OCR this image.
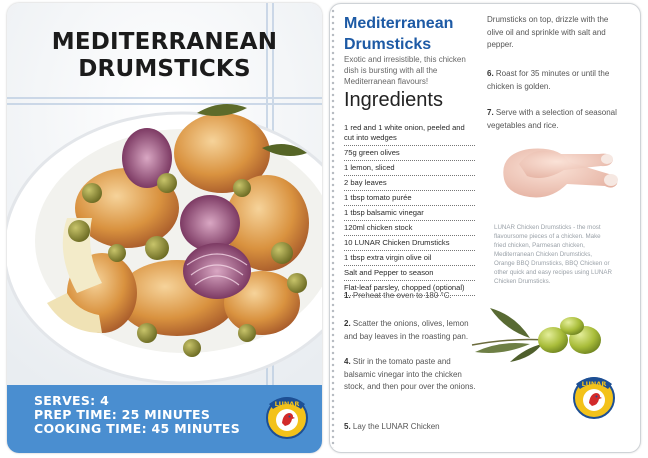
MEDITERRANEAN
DRUMSTICKS
SERVES: 4
PREP TIME: 25 MINUTES
COOKING TIME: 45 MINUTES
LUNAR
Mediterranean
Drumsticks
Exotic and irresistible, this chicken dish is bursting with all the Mediterranean flavours!
Ingredients
1 red and 1 white onion, peeled and cut into wedges
75g green olives
1 lemon, sliced
2 bay leaves
1 tbsp tomato purée
1 tbsp balsamic vinegar
120ml chicken stock
10 LUNAR Chicken Drumsticks
1 tbsp extra virgin olive oil
Salt and Pepper to season
Flat-leaf parsley, chopped (optional)
1. Preheat the oven to 180 °C.
2. Scatter the onions, olives, lemon and bay leaves in the roasting pan.
4. Stir in the tomato paste and balsamic vinegar into the chicken stock, and then pour over the onions.
5. Lay the LUNAR Chicken
Drumsticks on top, drizzle with the olive oil and sprinkle with salt and pepper.
6. Roast for 35 minutes or until the chicken is golden.
7. Serve with a selection of seasonal vegetables and rice.
LUNAR Chicken Drumsticks - the most flavoursome pieces of a chicken. Make fried chicken, Parmesan chicken, Mediterranean Chicken Drumsticks, Orange BBQ Drumsticks, BBQ Chicken or other quick and easy recipes using LUNAR Chicken Drumsticks.
LUNAR
